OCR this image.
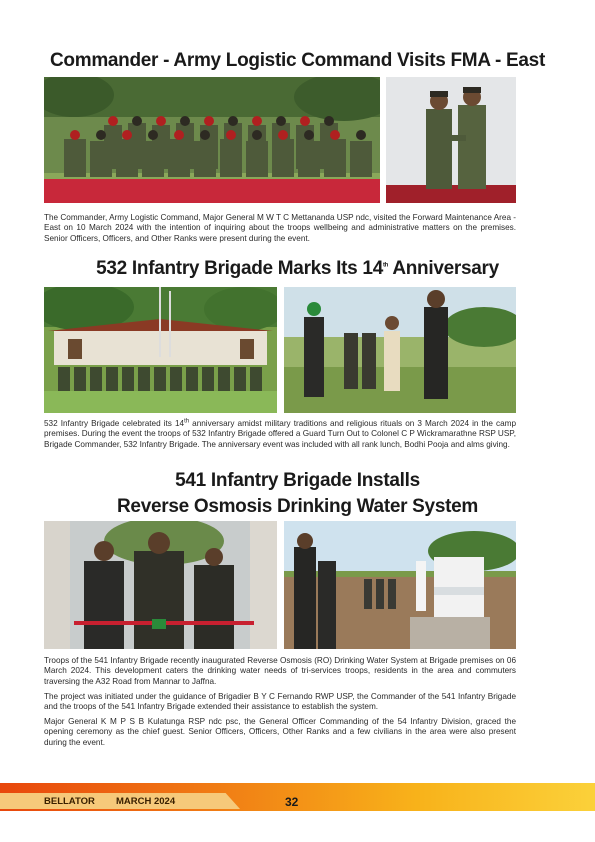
Commander - Army Logistic Command Visits FMA - East

The Commander, Army Logistic Command, Major General M W T C Mettananda USP ndc, visited the Forward Maintenance Area - East on 10 March 2024 with the intention of inquiring about the troops wellbeing and administrative matters on the premises. Senior Officers, Officers, and Other Ranks were present during the event.

532 Infantry Brigade Marks Its 14th Anniversary

532 Infantry Brigade celebrated its 14th anniversary amidst military traditions and religious rituals on 3 March 2024 in the camp premises. During the event the troops of 532 Infantry Brigade offered a Guard Turn Out to Colonel C P Wickramarathne RSP USP, Brigade Commander, 532 Infantry Brigade. The anniversary event was included with all rank lunch, Bodhi Pooja and alms giving.

541 Infantry Brigade Installs
Reverse Osmosis Drinking Water System

Troops of the 541 Infantry Brigade recently inaugurated Reverse Osmosis (RO) Drinking Water System at Brigade premises on 06 March 2024. This development caters the drinking water needs of tri-services troops, residents in the area and commuters traversing the A32 Road from Mannar to Jaffna.

The project was initiated under the guidance of Brigadier B Y C Fernando RWP USP, the Commander of the 541 Infantry Brigade and the troops of the 541 Infantry Brigade extended their assistance to establish the system.

Major General K M P S B Kulatunga RSP ndc psc, the General Officer Commanding of the 54 Infantry Division, graced the opening ceremony as the chief guest. Senior Officers, Officers, Other Ranks and a few civilians in the area were also present during the event.

BELLATOR MARCH 2024	32
